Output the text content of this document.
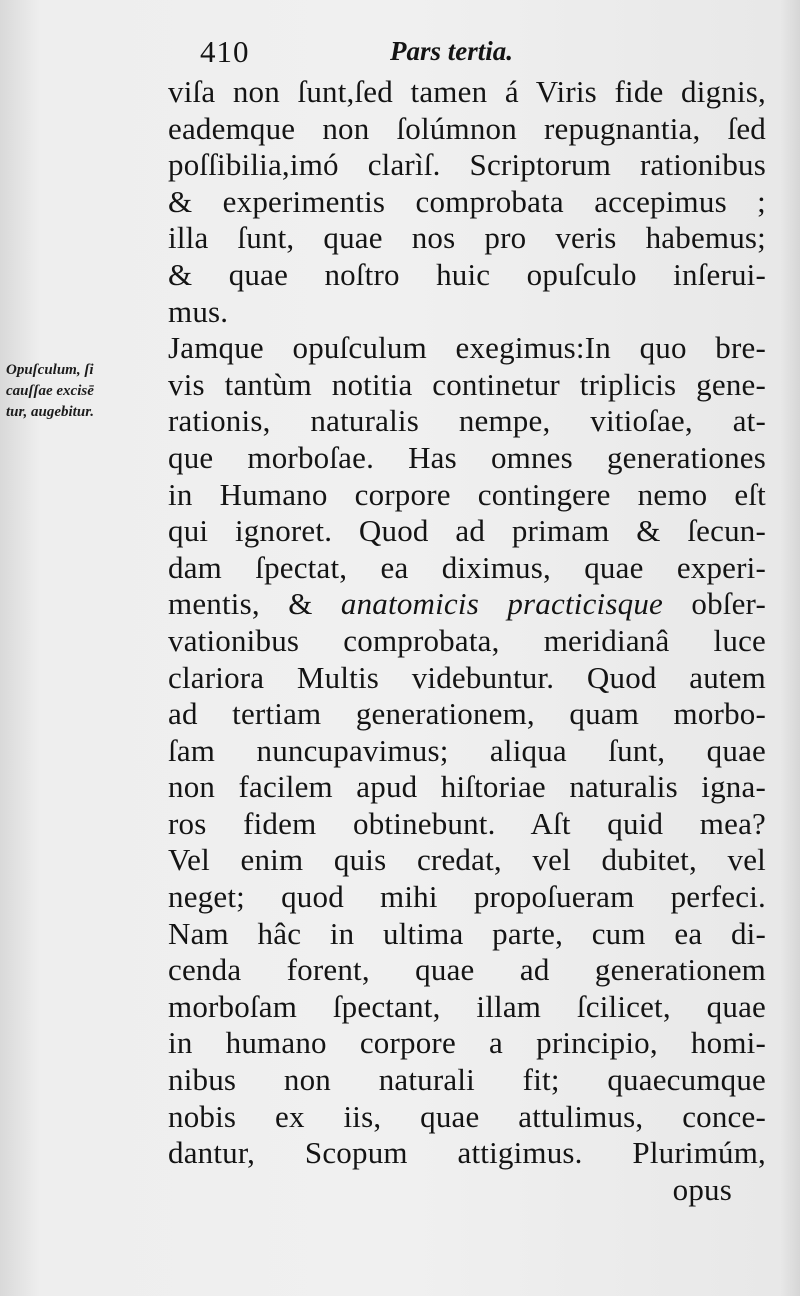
410	Pars tertia.
Opuſculum, ſi
cauſſae excisē
tur, augebitur.
viſa non ſunt,ſed tamen á Viris fide dignis,
eademque non ſolúmnon repugnantia, ſed
poſſibilia,imó clarìſ. Scriptorum rationibus
& experimentis comprobata accepimus ;
illa ſunt, quae nos pro veris habemus;
& quae noſtro huic opuſculo inſerui-
mus.
Jamque opuſculum exegimus:In quo bre-
vis tantùm notitia continetur triplicis gene-
rationis, naturalis nempe, vitioſae, at-
que morboſae. Has omnes generationes
in Humano corpore contingere nemo eſt
qui ignoret. Quod ad primam & ſecun-
dam ſpectat, ea diximus, quae experi-
mentis, & anatomicis practicisque obſer-
vationibus comprobata, meridianâ luce
clariora Multis videbuntur. Quod autem
ad tertiam generationem, quam morbo-
ſam nuncupavimus; aliqua ſunt, quae
non facilem apud hiſtoriae naturalis igna-
ros fidem obtinebunt. Aſt quid mea?
Vel enim quis credat, vel dubitet, vel
neget; quod mihi propoſueram perfeci.
Nam hâc in ultima parte, cum ea di-
cenda forent, quae ad generationem
morboſam ſpectant, illam ſcilicet, quae
in humano corpore a principio, homi-
nibus non naturali fit; quaecumque
nobis ex iis, quae attulimus, conce-
dantur, Scopum attigimus. Plurimúm,
opus
